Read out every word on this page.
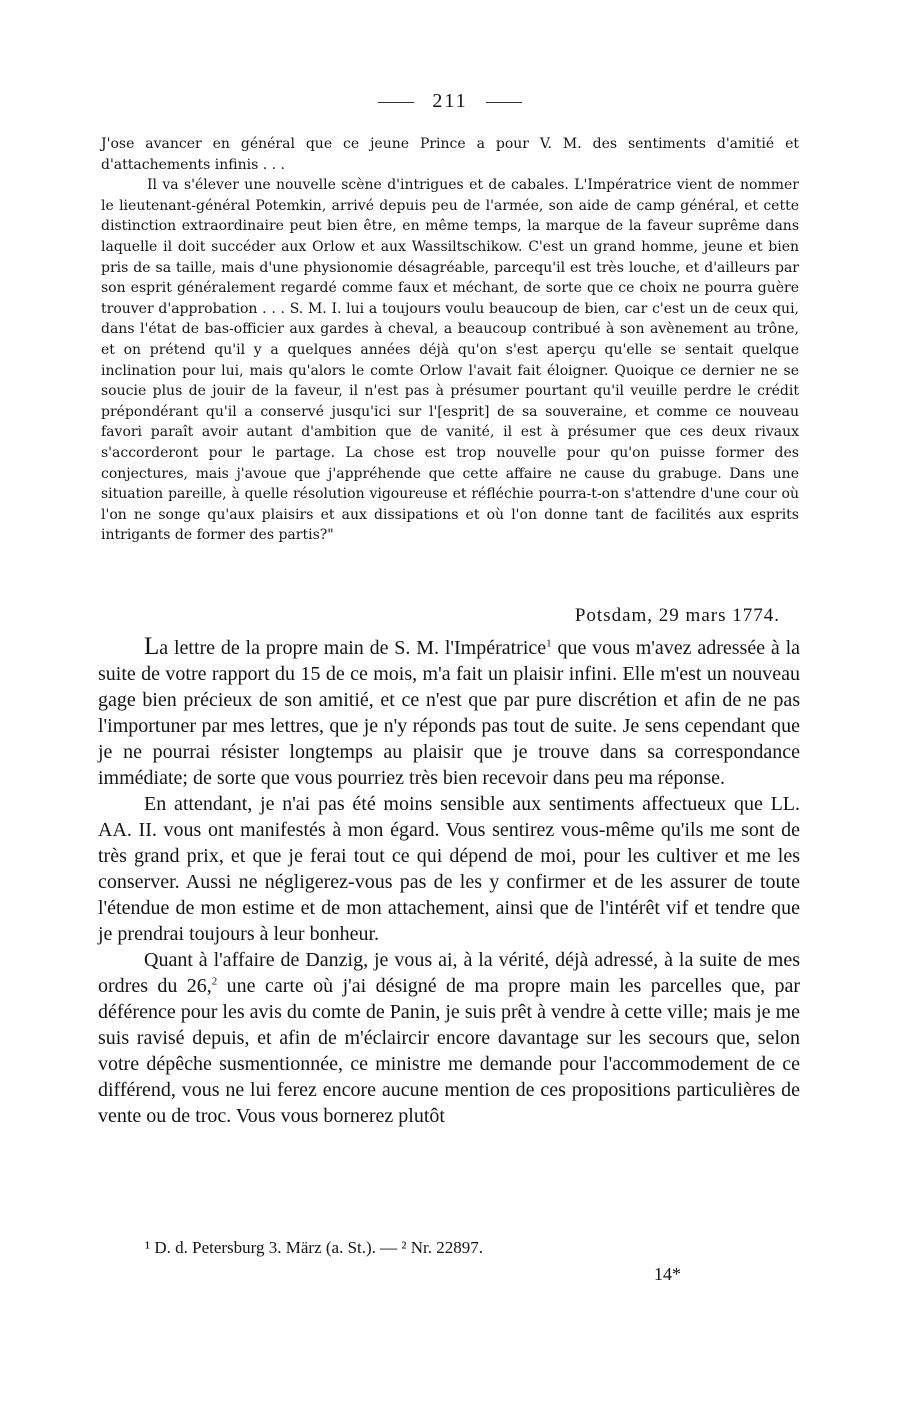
211

J'ose avancer en général que ce jeune Prince a pour V. M. des sentiments d'amitié et d'attachements infinis . . .

Il va s'élever une nouvelle scène d'intrigues et de cabales. L'Impératrice vient de nommer le lieutenant-général Potemkin, arrivé depuis peu de l'armée, son aide de camp général, et cette distinction extraordinaire peut bien être, en même temps, la marque de la faveur suprême dans laquelle il doit succéder aux Orlow et aux Wassiltschikow. C'est un grand homme, jeune et bien pris de sa taille, mais d'une physionomie désagréable, parcequ'il est très louche, et d'ailleurs par son esprit généralement regardé comme faux et méchant, de sorte que ce choix ne pourra guère trouver d'approbation . . . S. M. I. lui a toujours voulu beaucoup de bien, car c'est un de ceux qui, dans l'état de bas-officier aux gardes à cheval, a beaucoup contribué à son avènement au trône, et on prétend qu'il y a quelques années déjà qu'on s'est aperçu qu'elle se sentait quelque inclination pour lui, mais qu'alors le comte Orlow l'avait fait éloigner. Quoique ce dernier ne se soucie plus de jouir de la faveur, il n'est pas à présumer pourtant qu'il veuille perdre le crédit prépondérant qu'il a conservé jusqu'ici sur l'[esprit] de sa souveraine, et comme ce nouveau favori paraît avoir autant d'ambition que de vanité, il est à présumer que ces deux rivaux s'accorderont pour le partage. La chose est trop nouvelle pour qu'on puisse former des conjectures, mais j'avoue que j'appréhende que cette affaire ne cause du grabuge. Dans une situation pareille, à quelle résolution vigoureuse et réfléchie pourra-t-on s'attendre d'une cour où l'on ne songe qu'aux plaisirs et aux dissipations et où l'on donne tant de facilités aux esprits intrigants de former des partis?"

Potsdam, 29 mars 1774.

La lettre de la propre main de S. M. l'Impératrice$^1$ que vous m'avez adressée à la suite de votre rapport du 15 de ce mois, m'a fait un plaisir infini. Elle m'est un nouveau gage bien précieux de son amitié, et ce n'est que par pure discrétion et afin de ne pas l'importuner par mes lettres, que je n'y réponds pas tout de suite. Je sens cependant que je ne pourrai résister longtemps au plaisir que je trouve dans sa correspondance immédiate; de sorte que vous pourriez très bien recevoir dans peu ma réponse.

En attendant, je n'ai pas été moins sensible aux sentiments affectueux que LL. AA. II. vous ont manifestés à mon égard. Vous sentirez vous-même qu'ils me sont de très grand prix, et que je ferai tout ce qui dépend de moi, pour les cultiver et me les conserver. Aussi ne négligerez-vous pas de les y confirmer et de les assurer de toute l'étendue de mon estime et de mon attachement, ainsi que de l'intérêt vif et tendre que je prendrai toujours à leur bonheur.

Quant à l'affaire de Danzig, je vous ai, à la vérité, déjà adressé, à la suite de mes ordres du 26,$^2$ une carte où j'ai désigné de ma propre main les parcelles que, par déférence pour les avis du comte de Panin, je suis prêt à vendre à cette ville; mais je me suis ravisé depuis, et afin de m'éclaircir encore davantage sur les secours que, selon votre dépêche susmentionnée, ce ministre me demande pour l'accommodement de ce différend, vous ne lui ferez encore aucune mention de ces propositions particulières de vente ou de troc. Vous vous bornerez plutôt

¹ D. d. Petersburg 3. März (a. St.). — ² Nr. 22897.
14*
